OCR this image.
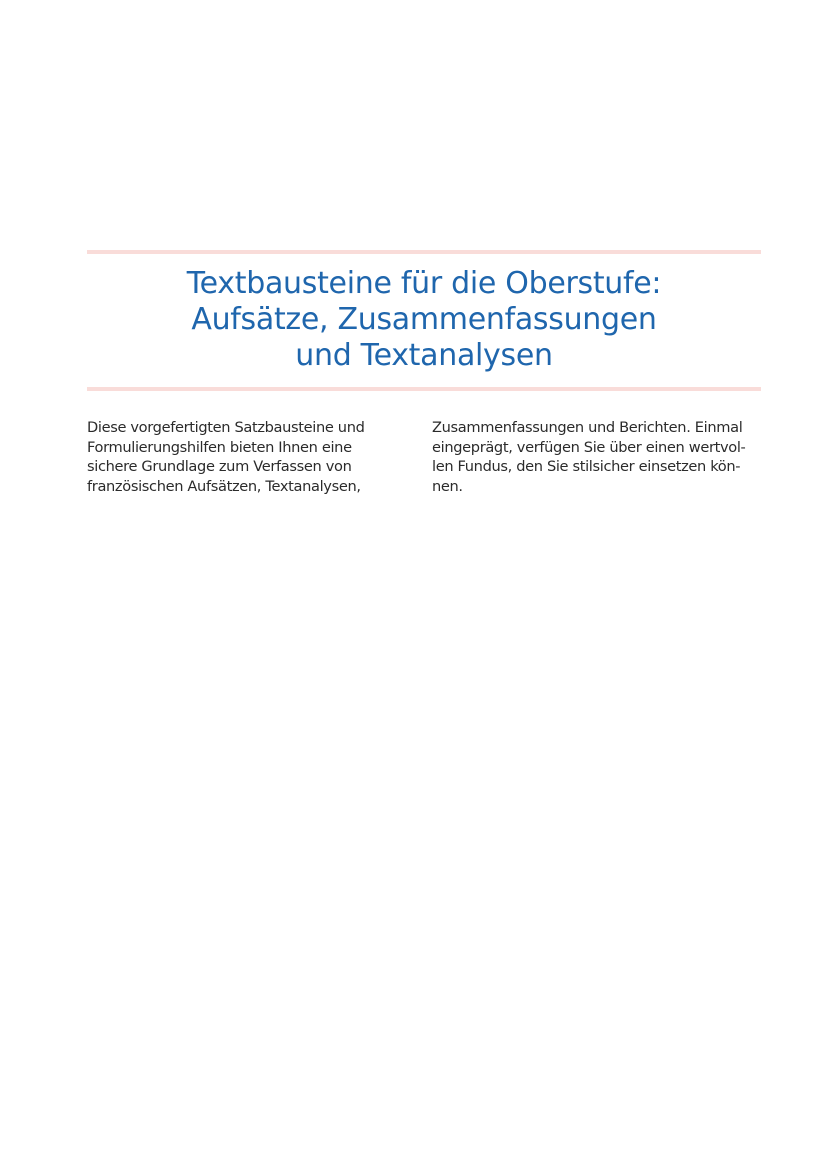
Textbausteine für die Oberstufe:
Aufsätze, Zusammenfassungen
und Textanalysen
Diese vorgefertigten Satzbausteine und
Formulierungshilfen bieten Ihnen eine
sichere Grundlage zum Verfassen von
französischen Aufsätzen, Textanalysen,
Zusammenfassungen und Berichten. Einmal
eingeprägt, verfügen Sie über einen wertvol-
len Fundus, den Sie stilsicher einsetzen kön-
nen.
